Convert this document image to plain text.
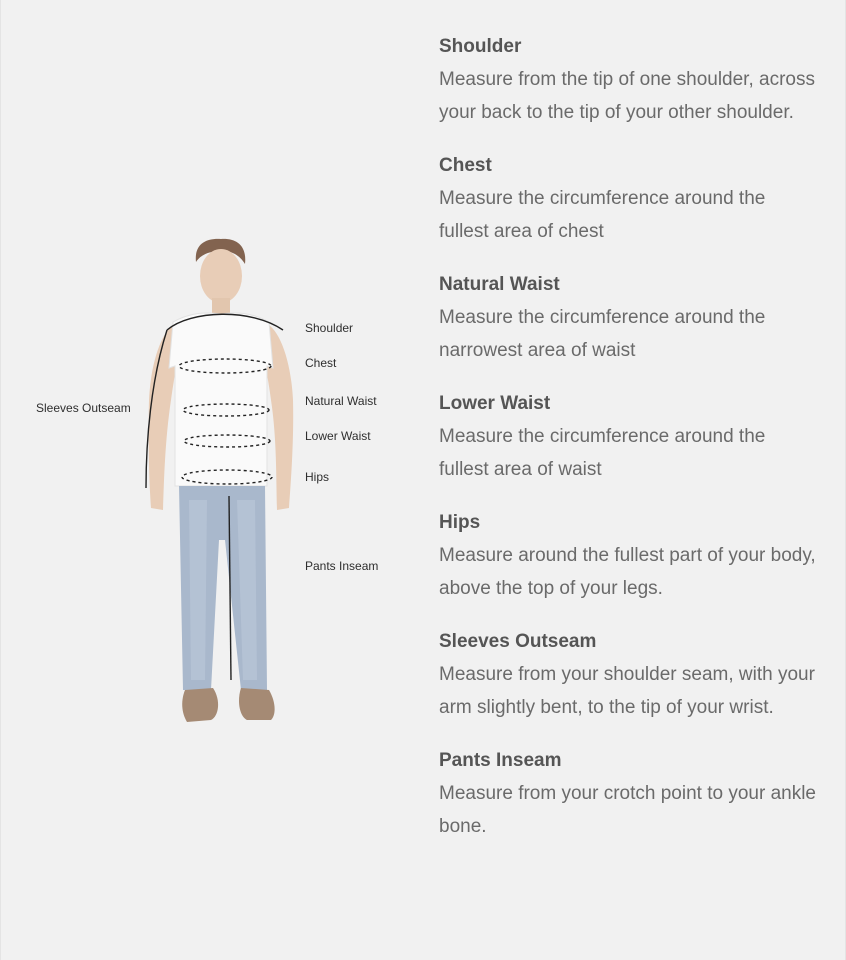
Shoulder
Chest
Natural Waist
Lower Waist
Hips
Sleeves Outseam
Pants Inseam
Shoulder
Measure from the tip of one shoulder, across your back to the tip of your other shoulder.
Chest
Measure the circumference around the fullest area of chest
Natural Waist
Measure the circumference around the narrowest area of waist
Lower Waist
Measure the circumference around the fullest area of waist
Hips
Measure around the fullest part of your body, above the top of your legs.
Sleeves Outseam
Measure from your shoulder seam, with your arm slightly bent, to the tip of your wrist.
Pants Inseam
Measure from your crotch point to your ankle bone.
